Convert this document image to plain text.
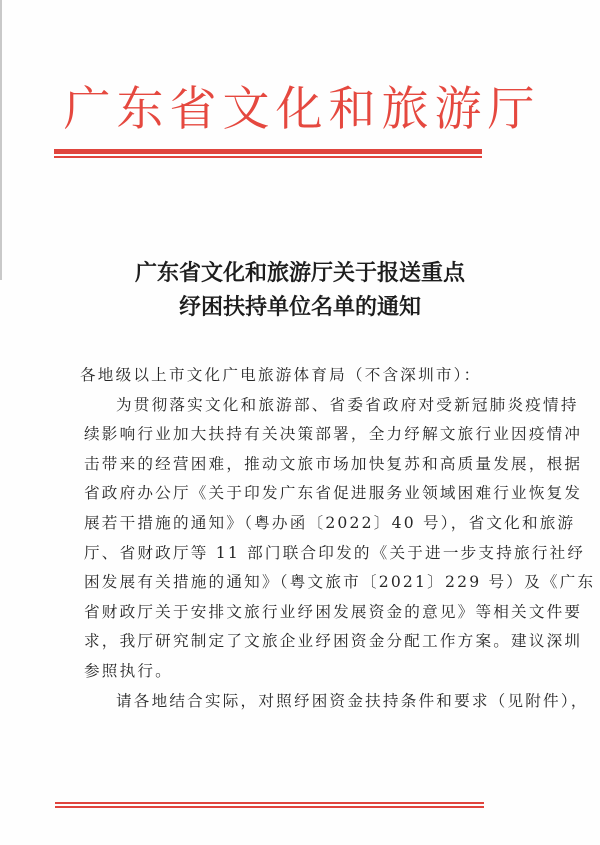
广东省文化和旅游厅
广东省文化和旅游厅关于报送重点
纾困扶持单位名单的通知
各地级以上市文化广电旅游体育局（不含深圳市）：
为贯彻落实文化和旅游部、省委省政府对受新冠肺炎疫情持
续影响行业加大扶持有关决策部署，全力纾解文旅行业因疫情冲
击带来的经营困难，推动文旅市场加快复苏和高质量发展，根据
省政府办公厅《关于印发广东省促进服务业领域困难行业恢复发
展若干措施的通知》（粤办函〔2022〕40 号），省文化和旅游
厅、省财政厅等 11 部门联合印发的《关于进一步支持旅行社纾
困发展有关措施的通知》（粤文旅市〔2021〕229 号）及《广东
省财政厅关于安排文旅行业纾困发展资金的意见》等相关文件要
求，我厅研究制定了文旅企业纾困资金分配工作方案。建议深圳
参照执行。
请各地结合实际，对照纾困资金扶持条件和要求（见附件），
